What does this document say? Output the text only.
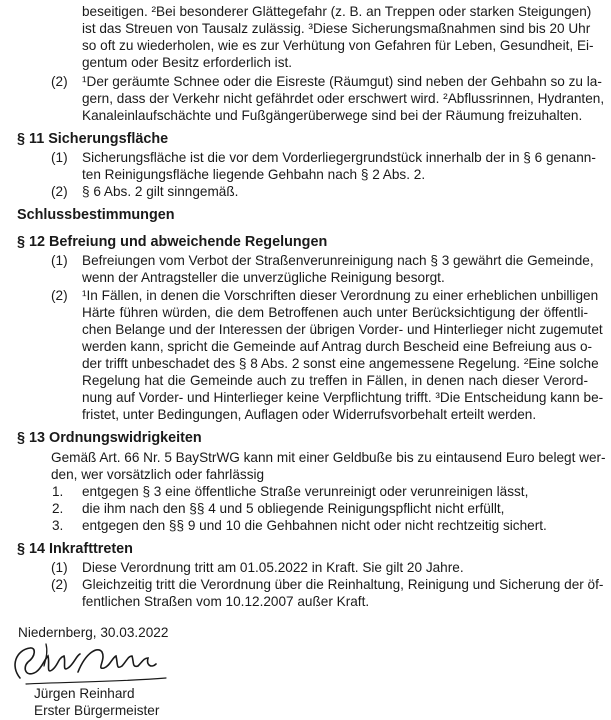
beseitigen. ²Bei besonderer Glättegefahr (z. B. an Treppen oder starken Steigungen)
ist das Streuen von Tausalz zulässig. ³Diese Sicherungsmaßnahmen sind bis 20 Uhr
so oft zu wiederholen, wie es zur Verhütung von Gefahren für Leben, Gesundheit, Ei-
gentum oder Besitz erforderlich ist.
(2) ¹Der geräumte Schnee oder die Eisreste (Räumgut) sind neben der Gehbahn so zu la-
gern, dass der Verkehr nicht gefährdet oder erschwert wird. ²Abflussrinnen, Hydranten,
Kanaleinlaufschächte und Fußgängerüberwege sind bei der Räumung freizuhalten.
§ 11 Sicherungsfläche
(1) Sicherungsfläche ist die vor dem Vorderliegergrundstück innerhalb der in § 6 genann-
ten Reinigungsfläche liegende Gehbahn nach § 2 Abs. 2.
(2) § 6 Abs. 2 gilt sinngemäß.
Schlussbestimmungen
§ 12 Befreiung und abweichende Regelungen
(1) Befreiungen vom Verbot der Straßenverunreinigung nach § 3 gewährt die Gemeinde,
wenn der Antragsteller die unverzügliche Reinigung besorgt.
(2) ¹In Fällen, in denen die Vorschriften dieser Verordnung zu einer erheblichen unbilligen
Härte führen würden, die dem Betroffenen auch unter Berücksichtigung der öffentli-
chen Belange und der Interessen der übrigen Vorder- und Hinterlieger nicht zugemutet
werden kann, spricht die Gemeinde auf Antrag durch Bescheid eine Befreiung aus o-
der trifft unbeschadet des § 8 Abs. 2 sonst eine angemessene Regelung. ²Eine solche
Regelung hat die Gemeinde auch zu treffen in Fällen, in denen nach dieser Verord-
nung auf Vorder- und Hinterlieger keine Verpflichtung trifft. ³Die Entscheidung kann be-
fristet, unter Bedingungen, Auflagen oder Widerrufsvorbehalt erteilt werden.
§ 13 Ordnungswidrigkeiten
Gemäß Art. 66 Nr. 5 BayStrWG kann mit einer Geldbuße bis zu eintausend Euro belegt wer-
den, wer vorsätzlich oder fahrlässig
1. entgegen § 3 eine öffentliche Straße verunreinigt oder verunreinigen lässt,
2. die ihm nach den §§ 4 und 5 obliegende Reinigungspflicht nicht erfüllt,
3. entgegen den §§ 9 und 10 die Gehbahnen nicht oder nicht rechtzeitig sichert.
§ 14 Inkrafttreten
(1) Diese Verordnung tritt am 01.05.2022 in Kraft. Sie gilt 20 Jahre.
(2) Gleichzeitig tritt die Verordnung über die Reinhaltung, Reinigung und Sicherung der öf-
fentlichen Straßen vom 10.12.2007 außer Kraft.
Niedernberg, 30.03.2022
Jürgen Reinhard
Erster Bürgermeister
